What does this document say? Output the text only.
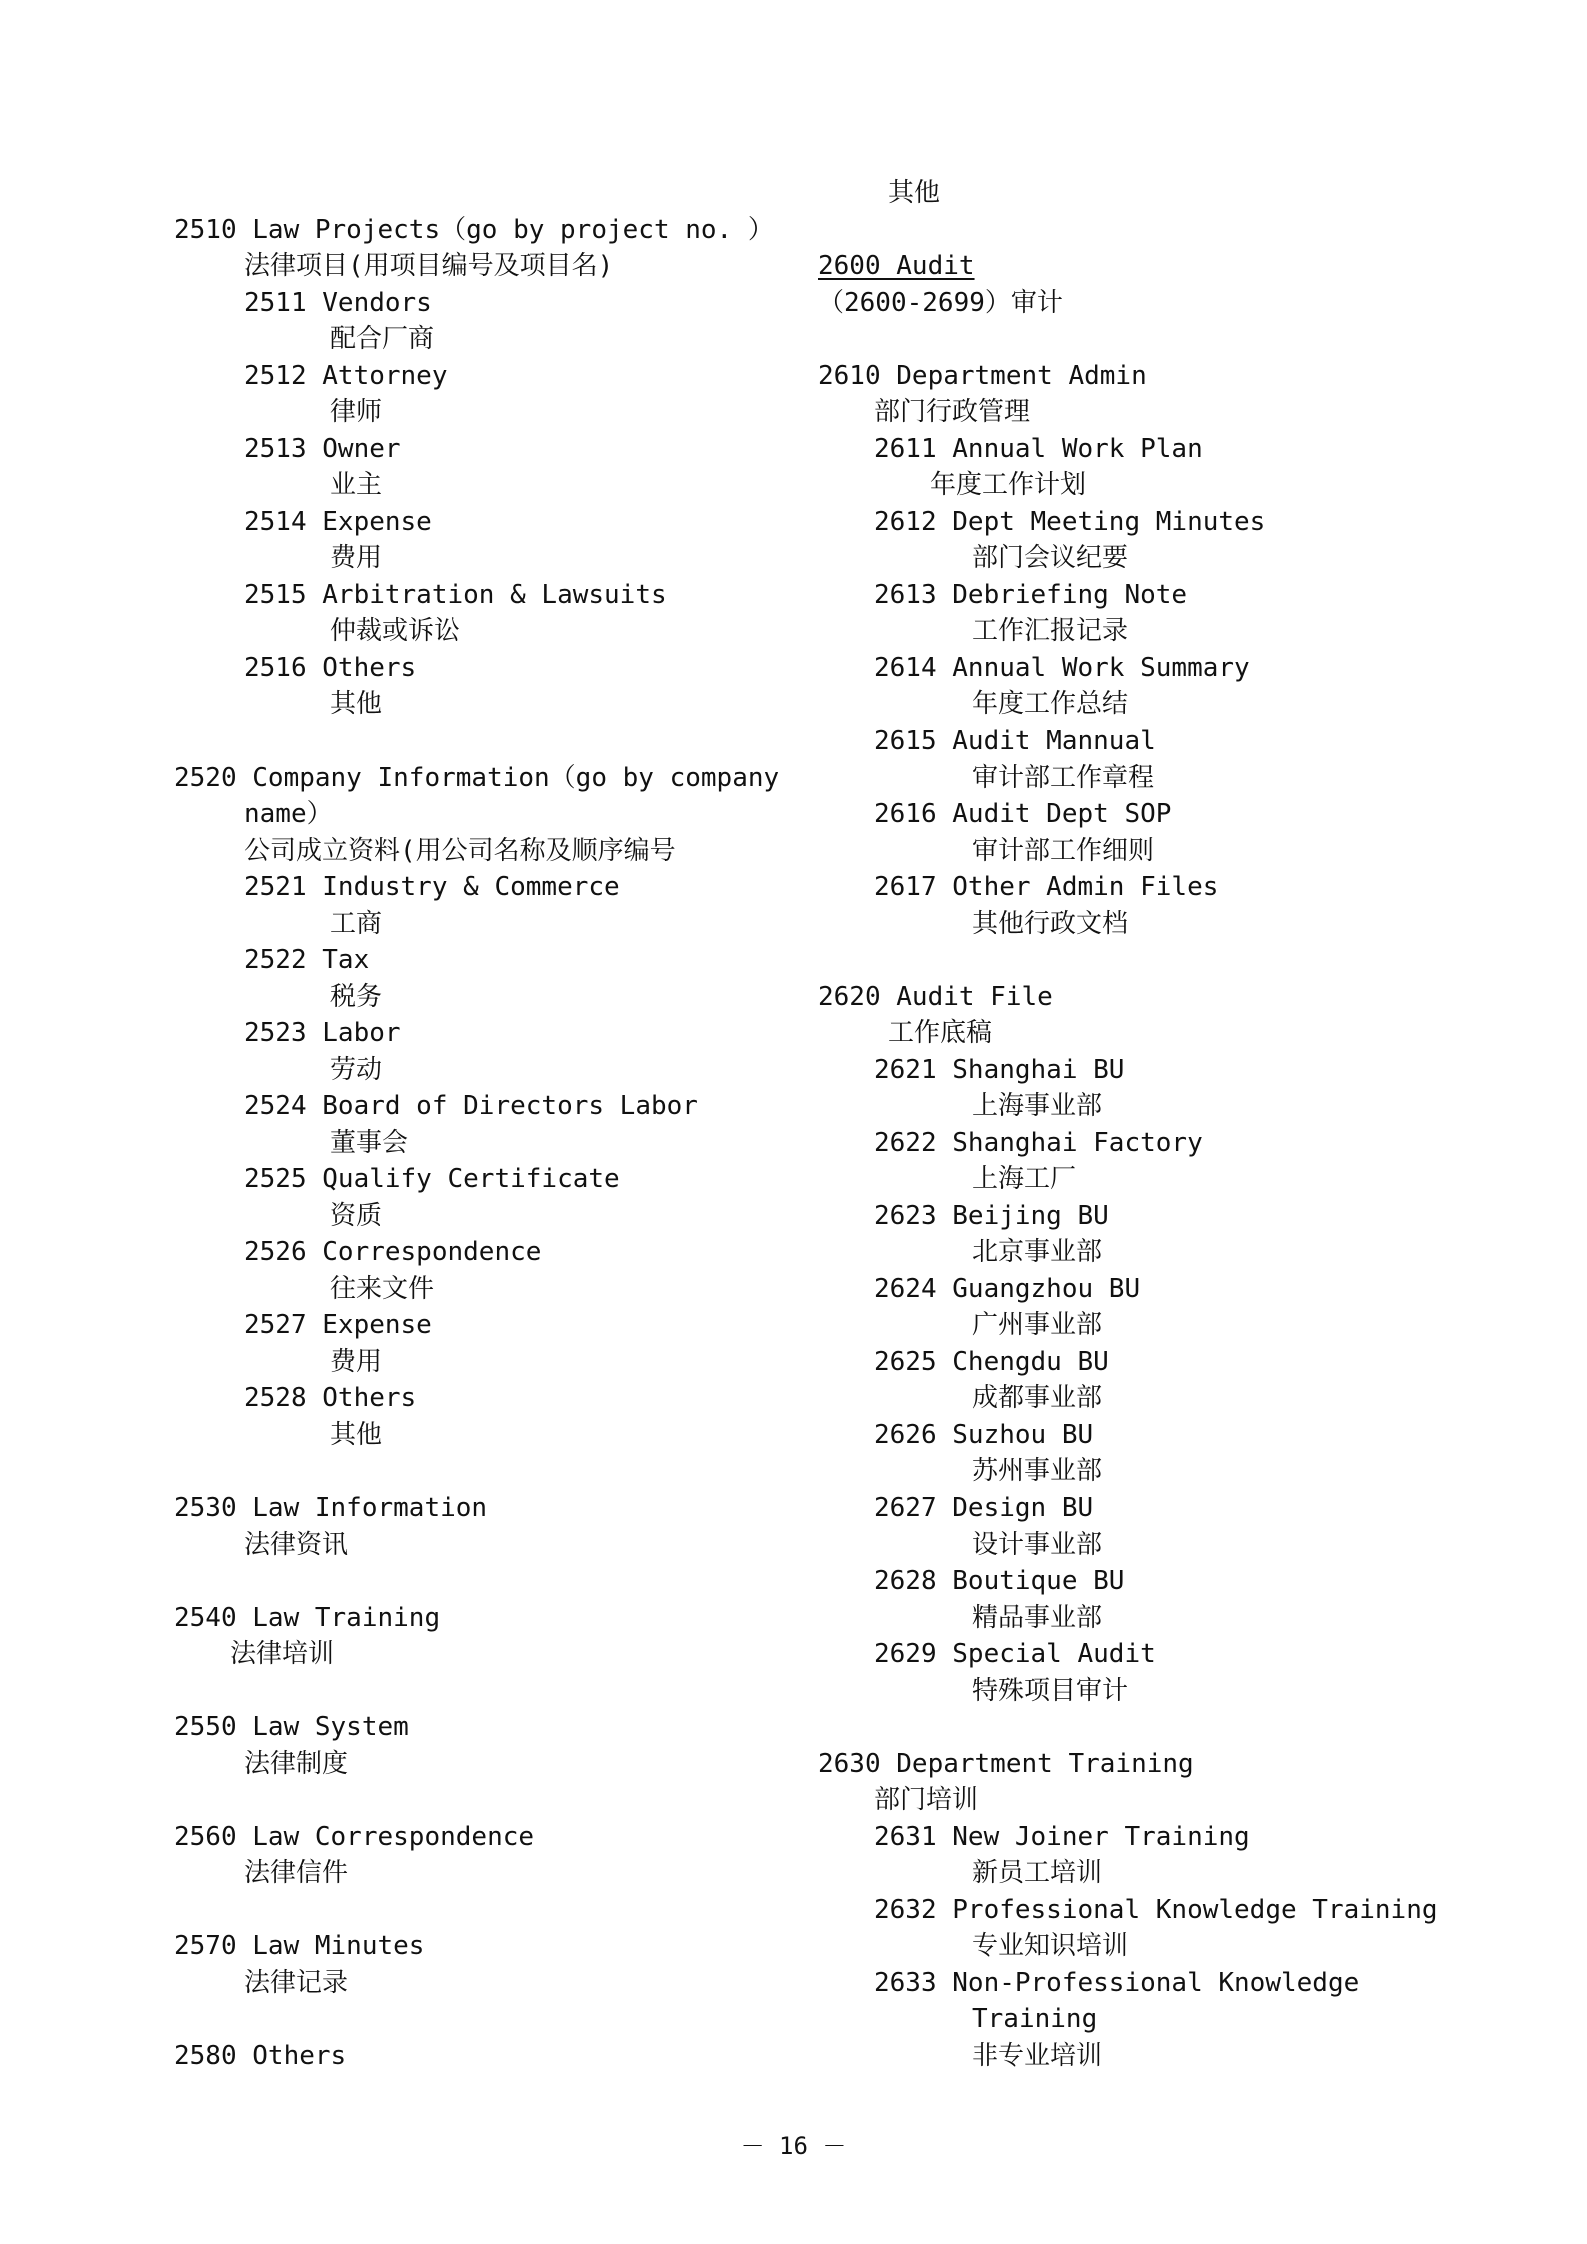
2510 Law Projects（go by project no. ）
法律项目(用项目编号及项目名)
2511 Vendors
配合厂商
2512 Attorney
律师
2513 Owner
业主
2514 Expense
费用
2515 Arbitration & Lawsuits
仲裁或诉讼
2516 Others
其他
2520 Company Information（go by company
name）
公司成立资料(用公司名称及顺序编号
2521 Industry & Commerce
工商
2522 Tax
税务
2523 Labor
劳动
2524 Board of Directors Labor
董事会
2525 Qualify Certificate
资质
2526 Correspondence
往来文件
2527 Expense
费用
2528 Others
其他
2530 Law Information
法律资讯
2540 Law Training
法律培训
2550 Law System
法律制度
2560 Law Correspondence
法律信件
2570 Law Minutes
法律记录
2580 Others
其他
2600 Audit
（2600-2699）审计
2610 Department Admin
部门行政管理
2611 Annual Work Plan
年度工作计划
2612 Dept Meeting Minutes
部门会议纪要
2613 Debriefing Note
工作汇报记录
2614 Annual Work Summary
年度工作总结
2615 Audit Mannual
审计部工作章程
2616 Audit Dept SOP
审计部工作细则
2617 Other Admin Files
其他行政文档
2620 Audit File
工作底稿
2621 Shanghai BU
上海事业部
2622 Shanghai Factory
上海工厂
2623 Beijing BU
北京事业部
2624 Guangzhou BU
广州事业部
2625 Chengdu BU
成都事业部
2626 Suzhou BU
苏州事业部
2627 Design BU
设计事业部
2628 Boutique BU
精品事业部
2629 Special Audit
特殊项目审计
2630 Department Training
部门培训
2631 New Joiner Training
新员工培训
2632 Professional Knowledge Training
专业知识培训
2633 Non-Professional Knowledge
Training
非专业培训
－ 16 －
